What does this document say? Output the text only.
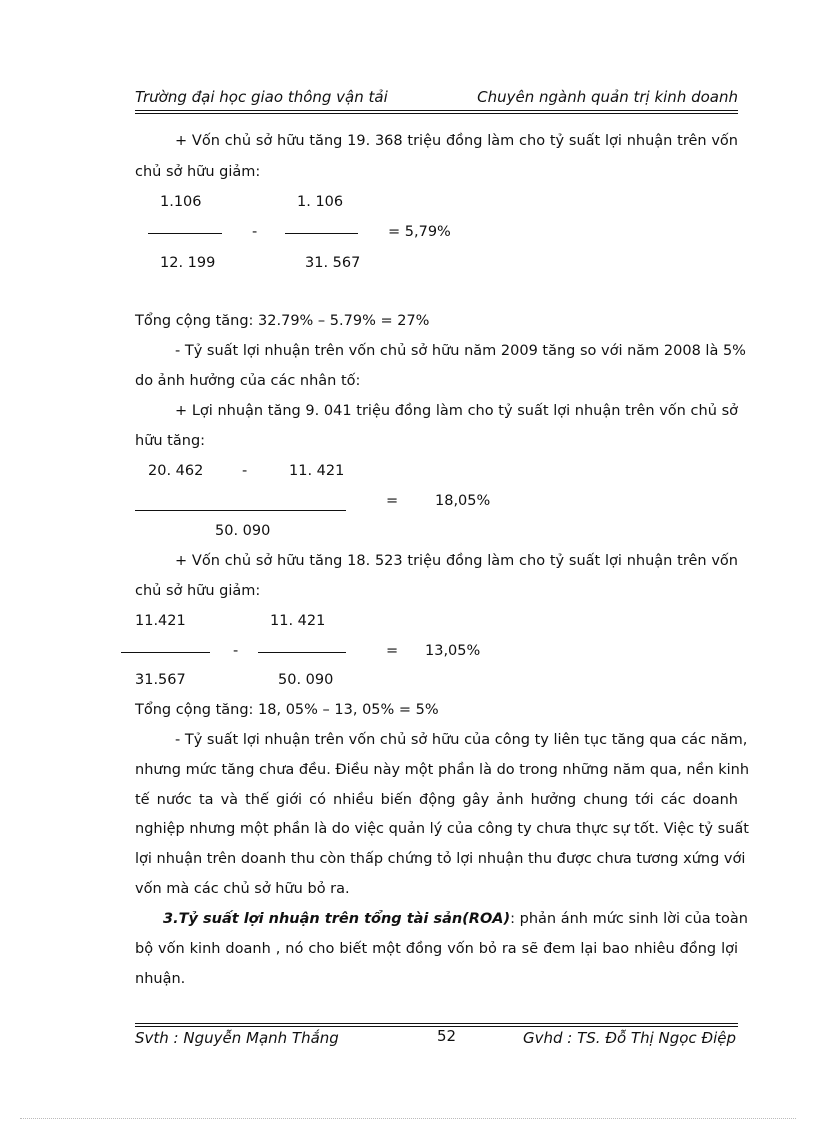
Trường đại học giao thông vận tải	Chuyên ngành quản trị kinh doanh
+ Vốn chủ sở hữu tăng 19. 368 triệu đồng làm cho tỷ suất lợi nhuận trên vốn
chủ sở hữu giảm:
1.106	1. 106
-	= 5,79%
12. 199	31. 567
Tổng cộng tăng: 32.79% – 5.79% = 27%
- Tỷ suất lợi nhuận trên vốn chủ sở hữu năm 2009 tăng so với năm 2008 là 5%
do ảnh hưởng của các nhân tố:
+ Lợi nhuận tăng 9. 041 triệu đồng làm cho tỷ suất lợi nhuận trên vốn chủ sở
hữu tăng:
20. 462	-	11. 421
=	18,05%
50. 090
+ Vốn chủ sở hữu tăng 18. 523 triệu đồng làm cho tỷ suất lợi nhuận trên vốn
chủ sở hữu giảm:
11.421	11. 421
-	= 13,05%
31.567	50. 090
Tổng cộng tăng: 18, 05% – 13, 05% = 5%
- Tỷ suất lợi nhuận trên vốn chủ sở hữu của công ty liên tục tăng qua các năm,
nhưng mức tăng chưa đều. Điều này một phần là do trong những năm qua, nền kinh
tế nước ta và thế giới có nhiều biến động gây ảnh hưởng chung tới các doanh
nghiệp nhưng một phần là do việc quản lý của công ty chưa thực sự tốt. Việc tỷ suất
lợi nhuận trên doanh thu còn thấp chứng tỏ lợi nhuận thu được chưa tương xứng với
vốn mà các chủ sở hữu bỏ ra.
3.Tỷ suất lợi nhuận trên tổng tài sản(ROA) : phản ánh mức sinh lời của toàn
bộ vốn kinh doanh , nó cho biết một đồng vốn bỏ ra sẽ đem lại bao nhiêu đồng lợi
nhuận.
Svth : Nguyễn Mạnh Thắng	52	Gvhd : TS. Đỗ Thị Ngọc Điệp
